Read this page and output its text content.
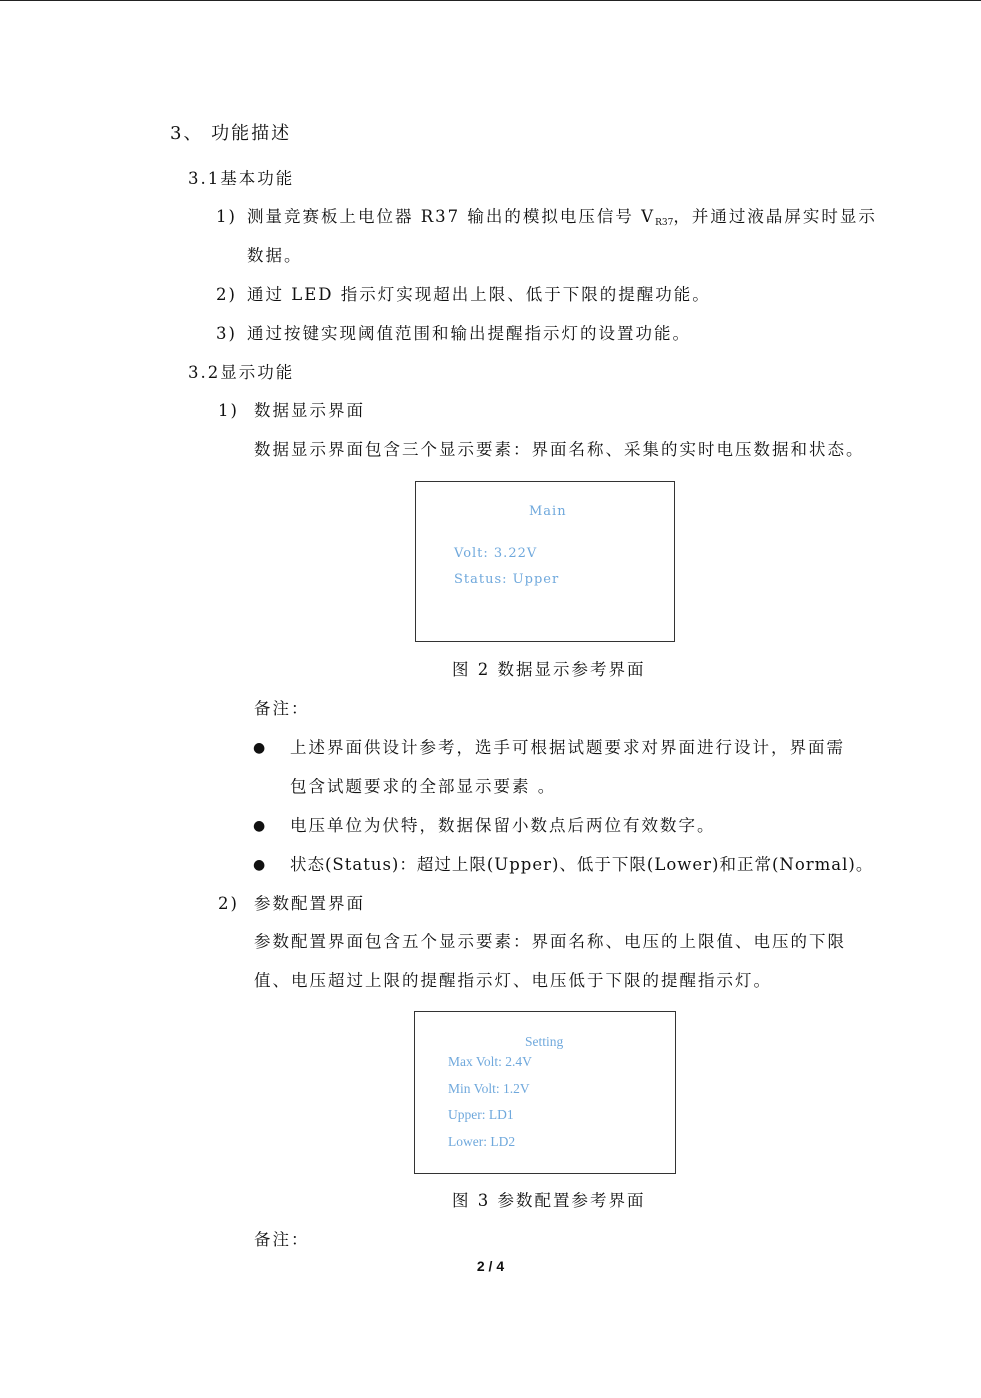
3、 功能描述
3.1基本功能
1) 测量竞赛板上电位器 R37 输出的模拟电压信号 $V_{R37}$，并通过液晶屏实时显示
数据。
2) 通过 LED 指示灯实现超出上限、低于下限的提醒功能。
3) 通过按键实现阈值范围和输出提醒指示灯的设置功能。
3.2显示功能
1) 数据显示界面
数据显示界面包含三个显示要素：界面名称、采集的实时电压数据和状态。
Main
Volt: 3.22V
Status: Upper
图 2 数据显示参考界面
备注：
● 上述界面供设计参考，选手可根据试题要求对界面进行设计，界面需
包含试题要求的全部显示要素 。
● 电压单位为伏特，数据保留小数点后两位有效数字。
● 状态(Status)：超过上限(Upper)、低于下限(Lower)和正常(Normal)。
2) 参数配置界面
参数配置界面包含五个显示要素：界面名称、电压的上限值、电压的下限
值、电压超过上限的提醒指示灯、电压低于下限的提醒指示灯。
Setting
Max Volt: 2.4V
Min Volt: 1.2V
Upper: LD1
Lower: LD2
图 3 参数配置参考界面
备注：
2 / 4
